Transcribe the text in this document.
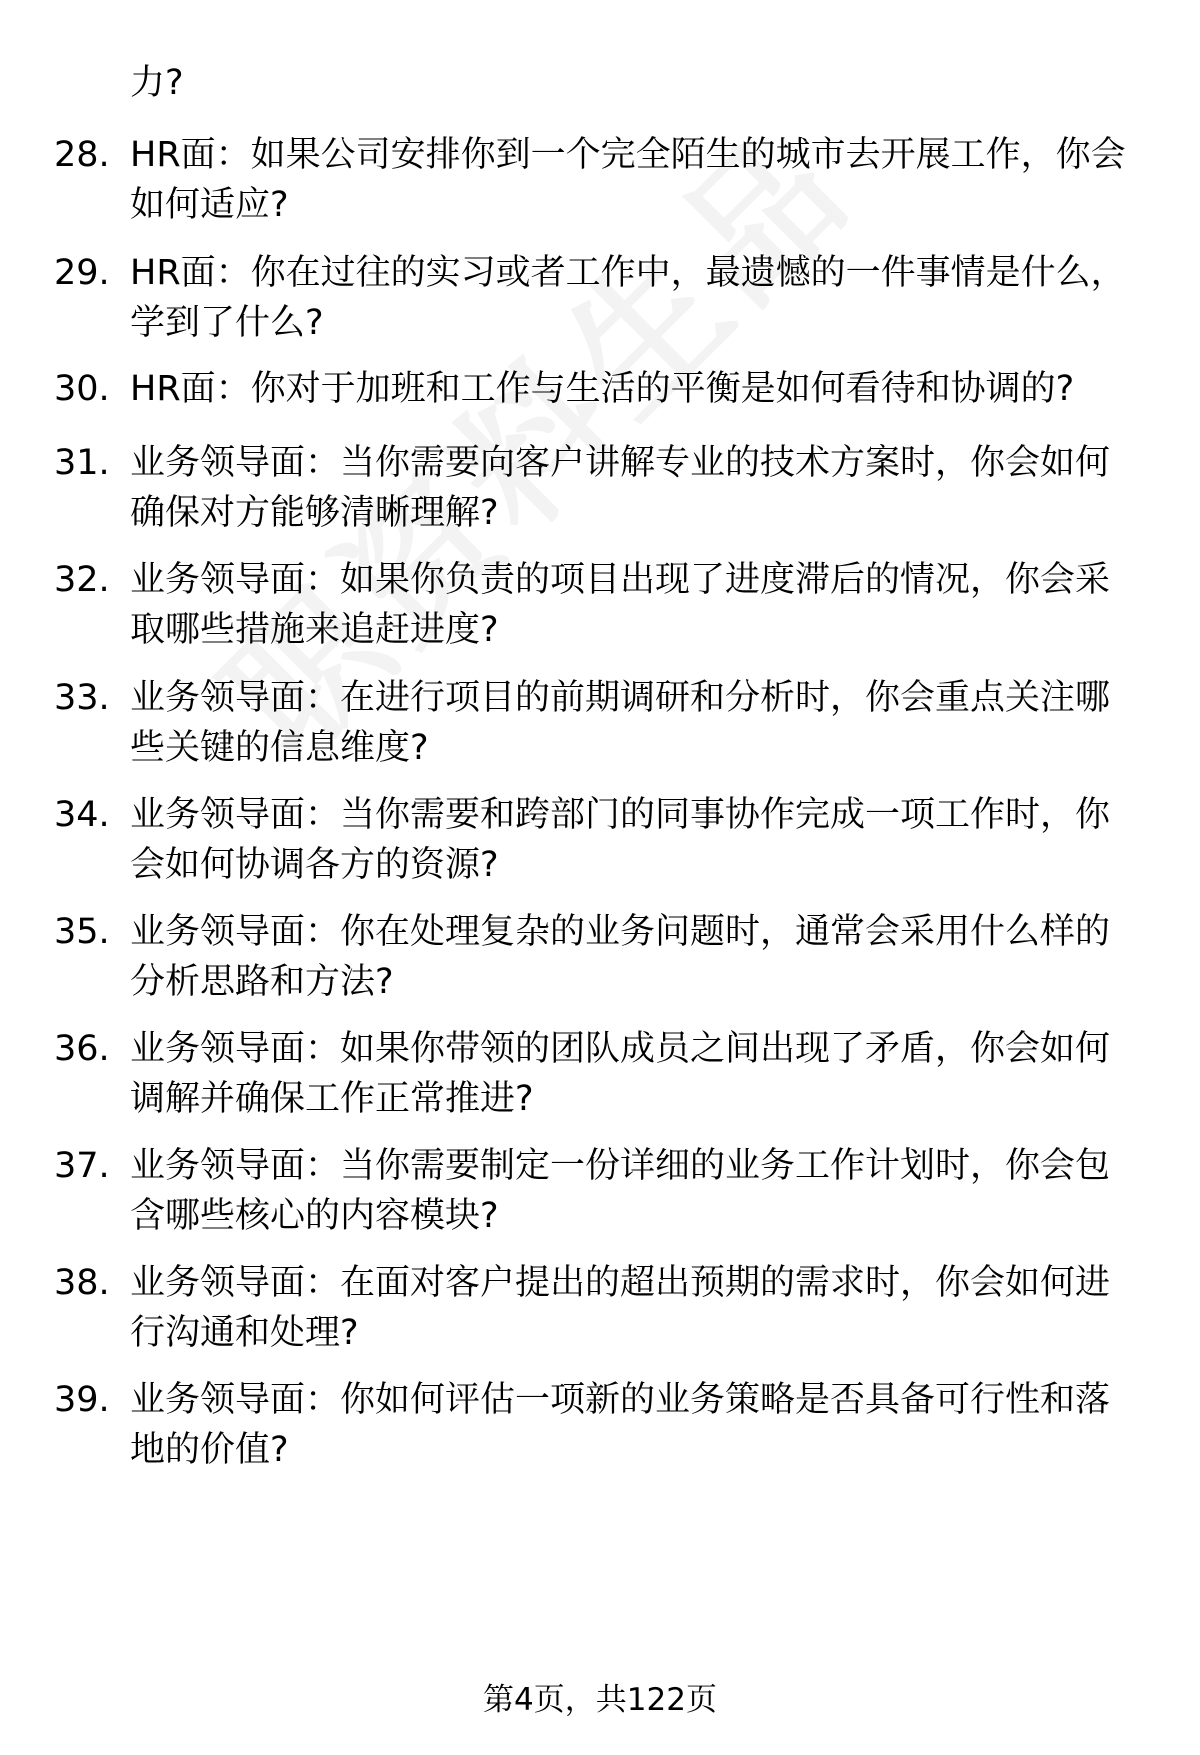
力?
28. HR面：如果公司安排你到一个完全陌生的城市去开展工作，你会
如何适应?
29. HR面：你在过往的实习或者工作中，最遗憾的一件事情是什么，
学到了什么?
30. HR面：你对于加班和工作与生活的平衡是如何看待和协调的?
31. 业务领导面：当你需要向客户讲解专业的技术方案时，你会如何
确保对方能够清晰理解?
32. 业务领导面：如果你负责的项目出现了进度滞后的情况，你会采
取哪些措施来追赶进度?
33. 业务领导面：在进行项目的前期调研和分析时，你会重点关注哪
些关键的信息维度?
34. 业务领导面：当你需要和跨部门的同事协作完成一项工作时，你
会如何协调各方的资源?
35. 业务领导面：你在处理复杂的业务问题时，通常会采用什么样的
分析思路和方法?
36. 业务领导面：如果你带领的团队成员之间出现了矛盾，你会如何
调解并确保工作正常推进?
37. 业务领导面：当你需要制定一份详细的业务工作计划时，你会包
含哪些核心的内容模块?
38. 业务领导面：在面对客户提出的超出预期的需求时，你会如何进
行沟通和处理?
39. 业务领导面：你如何评估一项新的业务策略是否具备可行性和落
地的价值?
第4页，共122页
